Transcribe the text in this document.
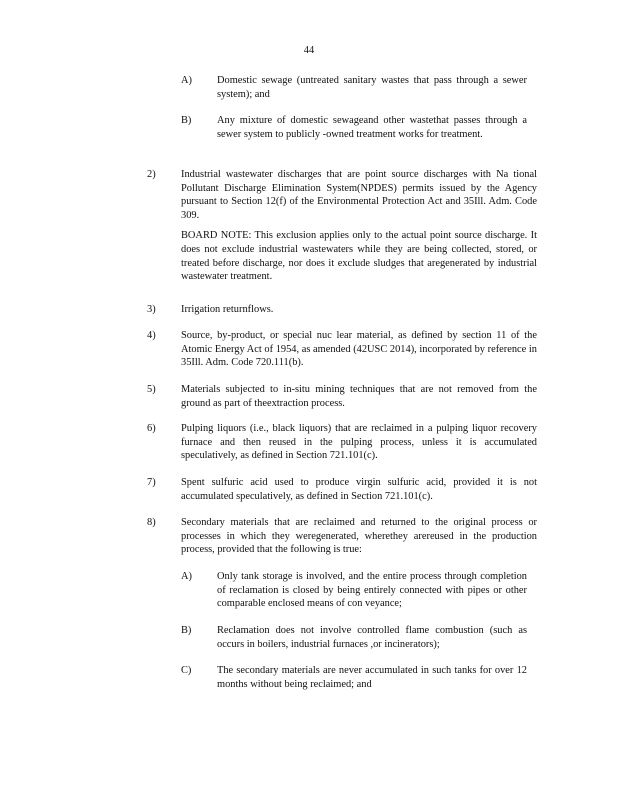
44
A) Domestic sewage (untreated sanitary wastes that pass through a sewer system); and

B) Any mixture of domestic sewageand other wastethat passes through a sewer system to publicly -owned treatment works for treatment.

2) Industrial wastewater discharges that are point source discharges with Na tional Pollutant Discharge Elimination System(NPDES) permits issued by the Agency pursuant to Section 12(f) of the Environmental Protection Act and 35Ill. Adm. Code 309.

BOARD NOTE: This exclusion applies only to the actual point source discharge. It does not exclude industrial wastewaters while they are being collected, stored, or treated before discharge, nor does it exclude sludges that aregenerated by industrial wastewater treatment.

3) Irrigation returnflows.

4) Source, by-product, or special nuc lear material, as defined by section 11 of the Atomic Energy Act of 1954, as amended (42USC 2014), incorporated by reference in 35Ill. Adm. Code 720.111(b).

5) Materials subjected to in-situ mining techniques that are not removed from the ground as part of theextraction process.

6) Pulping liquors (i.e., black liquors) that are reclaimed in a pulping liquor recovery furnace and then reused in the pulping process, unless it is accumulated speculatively, as defined in Section 721.101(c).

7) Spent sulfuric acid used to produce virgin sulfuric acid, provided it is not accumulated speculatively, as defined in Section 721.101(c).

8) Secondary materials that are reclaimed and returned to the original process or processes in which they weregenerated, wherethey arereused in the production process, provided that the following is true:

A) Only tank storage is involved, and the entire process through completion of reclamation is closed by being entirely connected with pipes or other comparable enclosed means of con veyance;

B) Reclamation does not involve controlled flame combustion (such as occurs in boilers, industrial furnaces ,or incinerators);

C) The secondary materials are never accumulated in such tanks for over 12 months without being reclaimed; and
